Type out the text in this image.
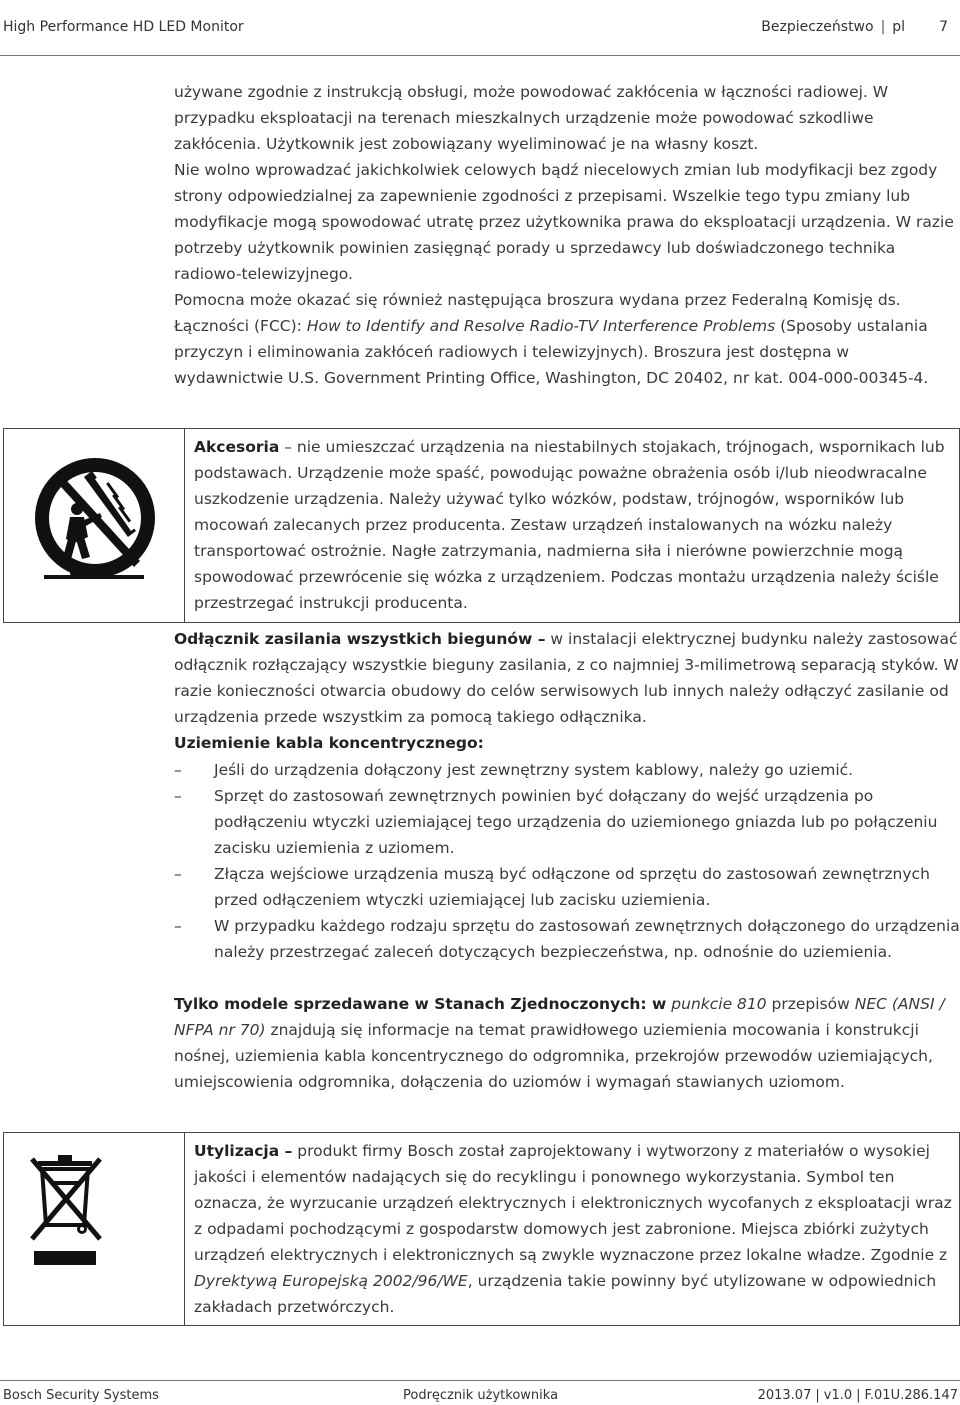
High Performance HD LED Monitor	Bezpieczeństwo | pl 7

używane zgodnie z instrukcją obsługi, może powodować zakłócenia w łączności radiowej. W przypadku eksploatacji na terenach mieszkalnych urządzenie może powodować szkodliwe zakłócenia. Użytkownik jest zobowiązany wyeliminować je na własny koszt.

Nie wolno wprowadzać jakichkolwiek celowych bądź niecelowych zmian lub modyfikacji bez zgody strony odpowiedzialnej za zapewnienie zgodności z przepisami. Wszelkie tego typu zmiany lub modyfikacje mogą spowodować utratę przez użytkownika prawa do eksploatacji urządzenia. W razie potrzeby użytkownik powinien zasięgnąć porady u sprzedawcy lub doświadczonego technika radiowo-telewizyjnego.

Pomocna może okazać się również następująca broszura wydana przez Federalną Komisję ds. Łączności (FCC): How to Identify and Resolve Radio-TV Interference Problems (Sposoby ustalania przyczyn i eliminowania zakłóceń radiowych i telewizyjnych). Broszura jest dostępna w wydawnictwie U.S. Government Printing Office, Washington, DC 20402, nr kat. 004-000-00345-4.

Akcesoria – nie umieszczać urządzenia na niestabilnych stojakach, trójnogach, wspornikach lub podstawach. Urządzenie może spaść, powodując poważne obrażenia osób i/lub nieodwracalne uszkodzenie urządzenia. Należy używać tylko wózków, podstaw, trójnogów, wsporników lub mocowań zalecanych przez producenta. Zestaw urządzeń instalowanych na wózku należy transportować ostrożnie. Nagłe zatrzymania, nadmierna siła i nierówne powierzchnie mogą spowodować przewrócenie się wózka z urządzeniem. Podczas montażu urządzenia należy ściśle przestrzegać instrukcji producenta.

Odłącznik zasilania wszystkich biegunów – w instalacji elektrycznej budynku należy zastosować odłącznik rozłączający wszystkie bieguny zasilania, z co najmniej 3-milimetrową separacją styków. W razie konieczności otwarcia obudowy do celów serwisowych lub innych należy odłączyć zasilanie od urządzenia przede wszystkim za pomocą takiego odłącznika.

Uziemienie kabla koncentrycznego:

– Jeśli do urządzenia dołączony jest zewnętrzny system kablowy, należy go uziemić.
– Sprzęt do zastosowań zewnętrznych powinien być dołączany do wejść urządzenia po podłączeniu wtyczki uziemiającej tego urządzenia do uziemionego gniazda lub po połączeniu zacisku uziemienia z uziomem.
– Złącza wejściowe urządzenia muszą być odłączone od sprzętu do zastosowań zewnętrznych przed odłączeniem wtyczki uziemiającej lub zacisku uziemienia.
– W przypadku każdego rodzaju sprzętu do zastosowań zewnętrznych dołączonego do urządzenia należy przestrzegać zaleceń dotyczących bezpieczeństwa, np. odnośnie do uziemienia.

Tylko modele sprzedawane w Stanach Zjednoczonych: w punkcie 810 przepisów NEC (ANSI / NFPA nr 70) znajdują się informacje na temat prawidłowego uziemienia mocowania i konstrukcji nośnej, uziemienia kabla koncentrycznego do odgromnika, przekrojów przewodów uziemiających, umiejscowienia odgromnika, dołączenia do uziomów i wymagań stawianych uziomom.

Utylizacja – produkt firmy Bosch został zaprojektowany i wytworzony z materiałów o wysokiej jakości i elementów nadających się do recyklingu i ponownego wykorzystania. Symbol ten oznacza, że wyrzucanie urządzeń elektrycznych i elektronicznych wycofanych z eksploatacji wraz z odpadami pochodzącymi z gospodarstw domowych jest zabronione. Miejsca zbiórki zużytych urządzeń elektrycznych i elektronicznych są zwykle wyznaczone przez lokalne władze. Zgodnie z Dyrektywą Europejską 2002/96/WE, urządzenia takie powinny być utylizowane w odpowiednich zakładach przetwórczych.
Bosch Security Systems	Podręcznik użytkownika	2013.07 | v1.0 | F.01U.286.147
